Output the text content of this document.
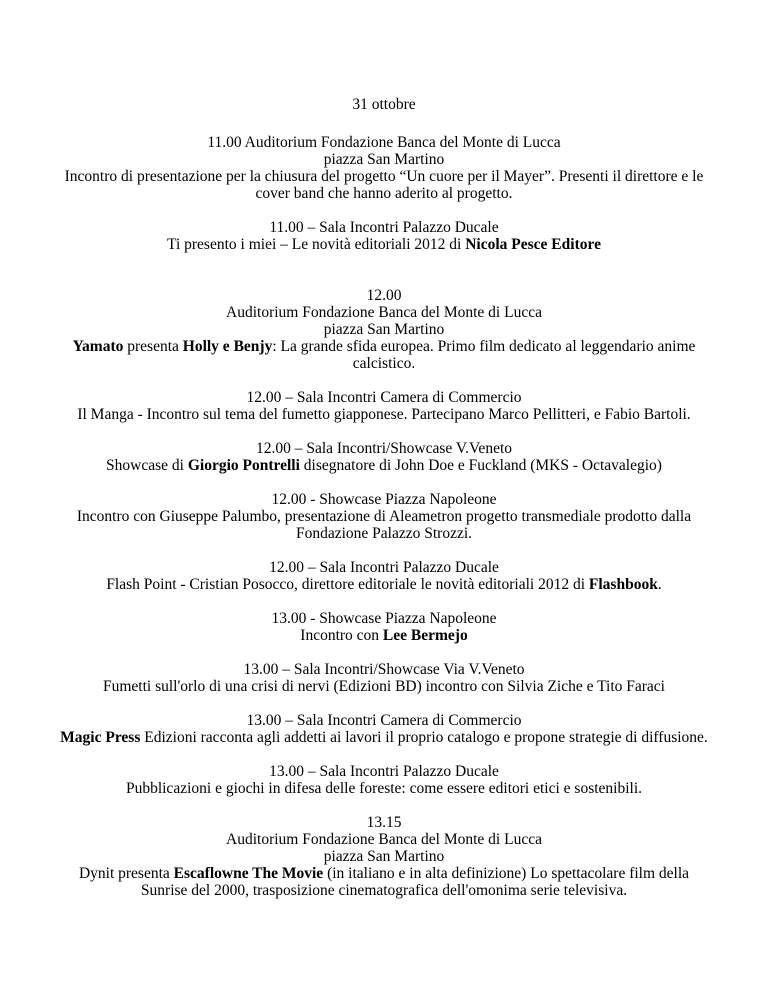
31 ottobre
11.00 Auditorium Fondazione Banca del Monte di Lucca
piazza San Martino
Incontro di presentazione per la chiusura del progetto “Un cuore per il Mayer”. Presenti il direttore e le cover band che hanno aderito al progetto.
11.00 – Sala Incontri Palazzo Ducale
Ti presento i miei – Le novità editoriali 2012 di Nicola Pesce Editore
12.00
Auditorium Fondazione Banca del Monte di Lucca
piazza San Martino
Yamato presenta Holly e Benjy: La grande sfida europea. Primo film dedicato al leggendario anime calcistico.
12.00 – Sala Incontri Camera di Commercio
Il Manga - Incontro sul tema del fumetto giapponese. Partecipano Marco Pellitteri, e Fabio Bartoli.
12.00 – Sala Incontri/Showcase V.Veneto
Showcase di Giorgio Pontrelli disegnatore di John Doe e Fuckland (MKS - Octavalegio)
12.00 - Showcase Piazza Napoleone
Incontro con Giuseppe Palumbo, presentazione di Aleametron progetto transmediale prodotto dalla Fondazione Palazzo Strozzi.
12.00 – Sala Incontri Palazzo Ducale
Flash Point - Cristian Posocco, direttore editoriale le novità editoriali 2012 di Flashbook.
13.00 - Showcase Piazza Napoleone
Incontro con Lee Bermejo
13.00 – Sala Incontri/Showcase Via V.Veneto
Fumetti sull'orlo di una crisi di nervi (Edizioni BD) incontro con Silvia Ziche e Tito Faraci
13.00 – Sala Incontri Camera di Commercio
Magic Press Edizioni racconta agli addetti ai lavori il proprio catalogo e propone strategie di diffusione.
13.00 – Sala Incontri Palazzo Ducale
Pubblicazioni e giochi in difesa delle foreste: come essere editori etici e sostenibili.
13.15
Auditorium Fondazione Banca del Monte di Lucca
piazza San Martino
Dynit presenta Escaflowne The Movie (in italiano e in alta definizione) Lo spettacolare film della Sunrise del 2000, trasposizione cinematografica dell'omonima serie televisiva.
